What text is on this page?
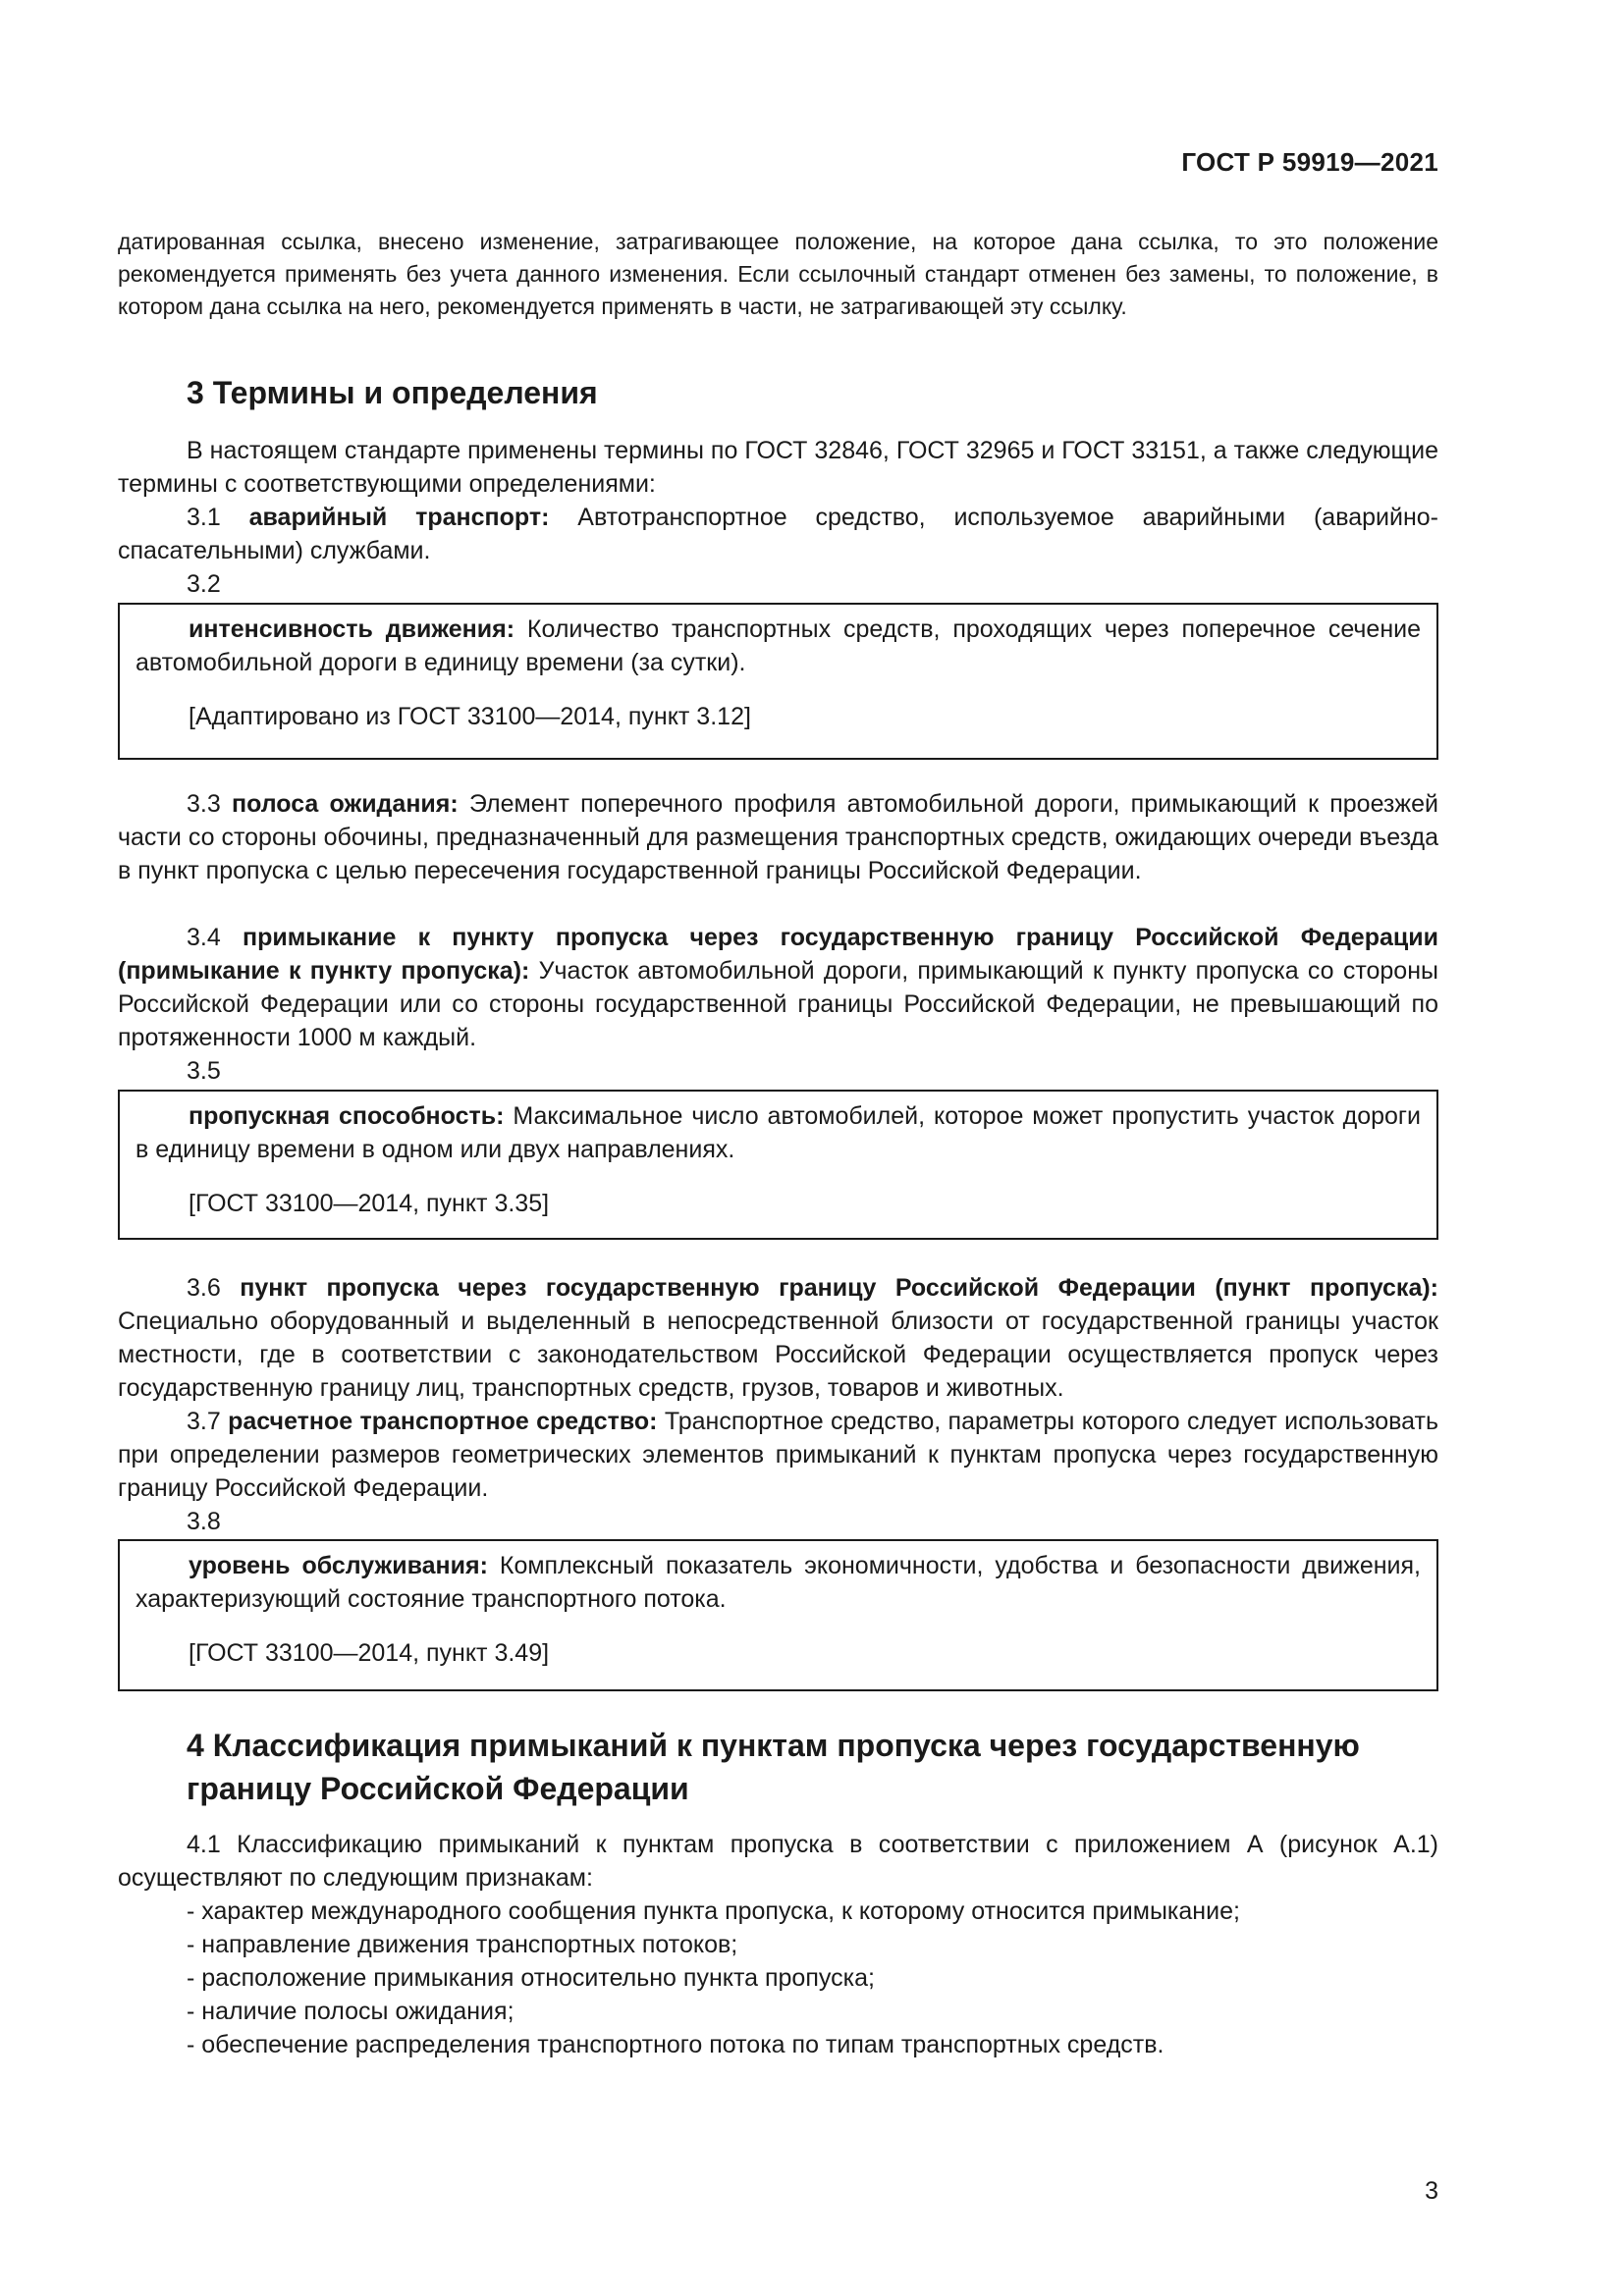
ГОСТ Р 59919—2021
датированная ссылка, внесено изменение, затрагивающее положение, на которое дана ссылка, то это положение рекомендуется применять без учета данного изменения. Если ссылочный стандарт отменен без замены, то положение, в котором дана ссылка на него, рекомендуется применять в части, не затрагивающей эту ссылку.
3 Термины и определения
В настоящем стандарте применены термины по ГОСТ 32846, ГОСТ 32965 и ГОСТ 33151, а также следующие термины с соответствующими определениями:
3.1 аварийный транспорт: Автотранспортное средство, используемое аварийными (аварийно-спасательными) службами.
3.2
интенсивность движения: Количество транспортных средств, проходящих через поперечное сечение автомобильной дороги в единицу времени (за сутки).
[Адаптировано из ГОСТ 33100—2014, пункт 3.12]
3.3 полоса ожидания: Элемент поперечного профиля автомобильной дороги, примыкающий к проезжей части со стороны обочины, предназначенный для размещения транспортных средств, ожидающих очереди въезда в пункт пропуска с целью пересечения государственной границы Российской Федерации.
3.4 примыкание к пункту пропуска через государственную границу Российской Федерации (примыкание к пункту пропуска): Участок автомобильной дороги, примыкающий к пункту пропуска со стороны Российской Федерации или со стороны государственной границы Российской Федерации, не превышающий по протяженности 1000 м каждый.
3.5
пропускная способность: Максимальное число автомобилей, которое может пропустить участок дороги в единицу времени в одном или двух направлениях.
[ГОСТ 33100—2014, пункт 3.35]
3.6 пункт пропуска через государственную границу Российской Федерации (пункт пропуска): Специально оборудованный и выделенный в непосредственной близости от государственной границы участок местности, где в соответствии с законодательством Российской Федерации осуществляется пропуск через государственную границу лиц, транспортных средств, грузов, товаров и животных.
3.7 расчетное транспортное средство: Транспортное средство, параметры которого следует использовать при определении размеров геометрических элементов примыканий к пунктам пропуска через государственную границу Российской Федерации.
3.8
уровень обслуживания: Комплексный показатель экономичности, удобства и безопасности движения, характеризующий состояние транспортного потока.
[ГОСТ 33100—2014, пункт 3.49]
4 Классификация примыканий к пунктам пропуска через государственную границу Российской Федерации
4.1 Классификацию примыканий к пунктам пропуска в соответствии с приложением А (рисунок А.1) осуществляют по следующим признакам:
- характер международного сообщения пункта пропуска, к которому относится примыкание;
- направление движения транспортных потоков;
- расположение примыкания относительно пункта пропуска;
- наличие полосы ожидания;
- обеспечение распределения транспортного потока по типам транспортных средств.
3
